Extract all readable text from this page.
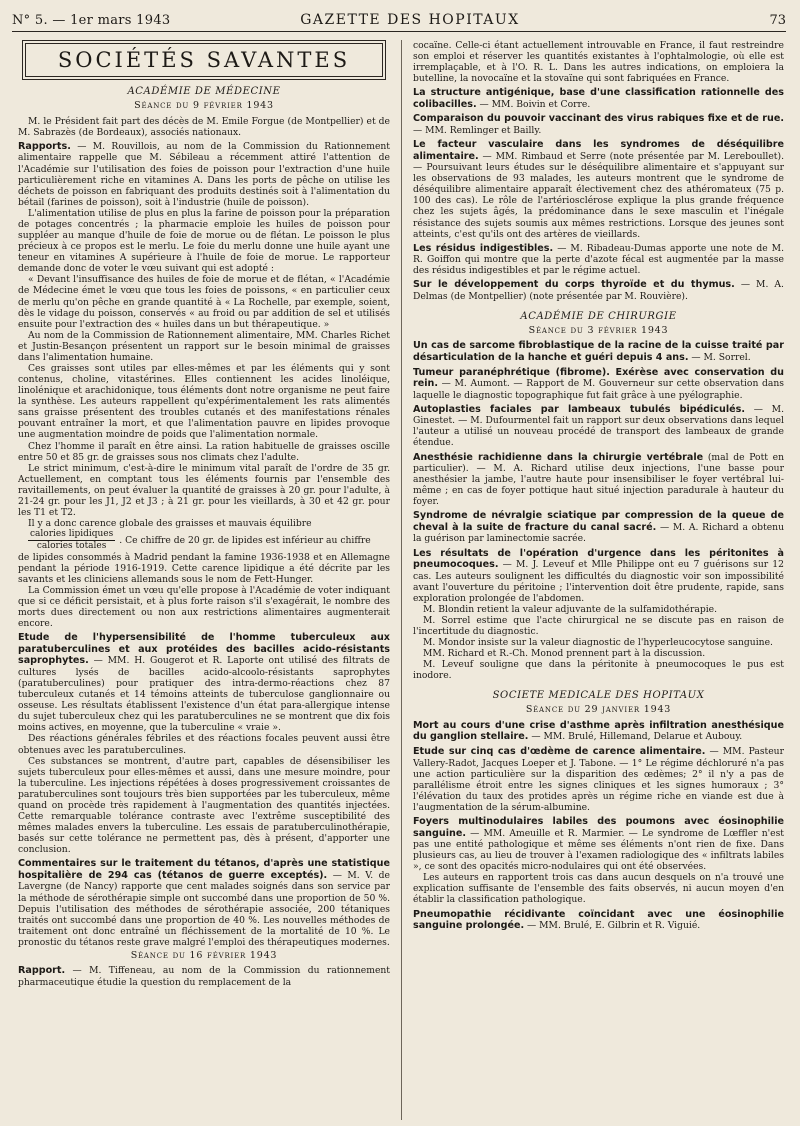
N° 5. — 1er mars 1943	GAZETTE DES HOPITAUX	73
SOCIÉTÉS SAVANTES
ACADÉMIE DE MÉDECINE
Séance du 9 février 1943

M. le Président fait part des décès de M. Emile Forgue (de Montpellier) et de M. Sabrazès (de Bordeaux), associés nationaux.

Rapports. — M. Rouvillois, au nom de la Commission du Rationnement alimentaire rappelle que M. Sébileau a récemment attiré l'attention de l'Académie sur l'utilisation des foies de poisson pour l'extraction d'une huile particulièrement riche en vitamines A. Dans les ports de pêche on utilise les déchets de poisson en fabriquant des produits destinés soit à l'alimentation du bétail (farines de poisson), soit à l'industrie (huile de poisson).

L'alimentation utilise de plus en plus la farine de poisson pour la préparation de potages concentrés ; la pharmacie emploie les huiles de poisson pour suppléer au manque d'huile de foie de morue ou de flétan. Le poisson le plus précieux à ce propos est le merlu. Le foie du merlu donne une huile ayant une teneur en vitamines A supérieure à l'huile de foie de morue. Le rapporteur demande donc de voter le vœu suivant qui est adopté :

« Devant l'insuffisance des huiles de foie de morue et de flétan, « l'Académie de Médecine émet le vœu que tous les foies de poissons, « en particulier ceux de merlu qu'on pêche en grande quantité à « La Rochelle, par exemple, soient, dès le vidage du poisson, conservés « au froid ou par addition de sel et utilisés ensuite pour l'extraction des « huiles dans un but thérapeutique. »

Au nom de la Commission de Rationnement alimentaire, MM. Charles Richet et Justin-Besançon présentent un rapport sur le besoin minimal de graisses dans l'alimentation humaine.

Ces graisses sont utiles par elles-mêmes et par les éléments qui y sont contenus, choline, vitastérines. Elles contiennent les acides linoléique, linolénique et arachidonique, tous éléments dont notre organisme ne peut faire la synthèse. Les auteurs rappellent qu'expérimentalement les rats alimentés sans graisse présentent des troubles cutanés et des manifestations rénales pouvant entraîner la mort, et que l'alimentation pauvre en lipides provoque une augmentation moindre de poids que l'alimentation normale.

Chez l'homme il paraît en être ainsi. La ration habituelle de graisses oscille entre 50 et 85 gr. de graisses sous nos climats chez l'adulte.

Le strict minimum, c'est-à-dire le minimum vital paraît de l'ordre de 35 gr. Actuellement, en comptant tous les éléments fournis par l'ensemble des ravitaillements, on peut évaluer la quantité de graisses à 20 gr. pour l'adulte, à 21-24 gr. pour les J1, J2 et J3 ; à 21 gr. pour les vieillards, à 30 et 42 gr. pour les T1 et T2.

Il y a donc carence globale des graisses et mauvais équilibre

calories lipidiques
calories totales
. Ce chiffre de 20 gr. de lipides est inférieur au chiffre

de lipides consommés à Madrid pendant la famine 1936-1938 et en Allemagne pendant la période 1916-1919. Cette carence lipidique a été décrite par les savants et les cliniciens allemands sous le nom de Fett-Hunger.

La Commission émet un vœu qu'elle propose à l'Académie de voter indiquant que si ce déficit persistait, et à plus forte raison s'il s'exagérait, le nombre des morts dues directement ou non aux restrictions alimentaires augmenterait encore.

Etude de l'hypersensibilité de l'homme tuberculeux aux paratuberculines et aux protéides des bacilles acido-résistants saprophytes. — MM. H. Gougerot et R. Laporte ont utilisé des filtrats de cultures lysés de bacilles acido-alcoolo-résistants saprophytes (paratuberculines) pour pratiquer des intra-dermo-réactions chez 87 tuberculeux cutanés et 14 témoins atteints de tuberculose ganglionnaire ou osseuse. Les résultats établissent l'existence d'un état para-allergique intense du sujet tuberculeux chez qui les paratuberculines ne se montrent que dix fois moins actives, en moyenne, que la tuberculine « vraie ».

Des réactions générales fébriles et des réactions focales peuvent aussi être obtenues avec les paratuberculines.

Ces substances se montrent, d'autre part, capables de désensibiliser les sujets tuberculeux pour elles-mêmes et aussi, dans une mesure moindre, pour la tuberculine. Les injections répétées à doses progressivement croissantes de paratuberculines sont toujours très bien supportées par les tuberculeux, même quand on procède très rapidement à l'augmentation des quantités injectées. Cette remarquable tolérance contraste avec l'extrême susceptibilité des mêmes malades envers la tuberculine. Les essais de paratuberculinothérapie, basés sur cette tolérance ne permettent pas, dès à présent, d'apporter une conclusion.

Commentaires sur le traitement du tétanos, d'après une statistique hospitalière de 294 cas (tétanos de guerre exceptés). — M. V. de Lavergne (de Nancy) rapporte que cent malades soignés dans son service par la méthode de sérothérapie simple ont succombé dans une proportion de 50 %. Depuis l'utilisation des méthodes de sérothérapie associée, 200 tétaniques traités ont succombé dans une proportion de 40 %. Les nouvelles méthodes de traitement ont donc entraîné un fléchissement de la mortalité de 10 %. Le pronostic du tétanos reste grave malgré l'emploi des thérapeutiques modernes.

Séance du 16 février 1943

Rapport. — M. Tiffeneau, au nom de la Commission du rationnement pharmaceutique étudie la question du remplacement de la

cocaïne. Celle-ci étant actuellement introuvable en France, il faut restreindre son emploi et réserver les quantités existantes à l'ophtalmologie, où elle est irremplaçable, et à l'O. R. L. Dans les autres indications, on emploiera la butelline, la novocaïne et la stovaïne qui sont fabriquées en France.

La structure antigénique, base d'une classification rationnelle des colibacilles. — MM. Boivin et Corre.

Comparaison du pouvoir vaccinant des virus rabiques fixe et de rue. — MM. Remlinger et Bailly.

Le facteur vasculaire dans les syndromes de déséquilibre alimentaire. — MM. Rimbaud et Serre (note présentée par M. Lereboullet). — Poursuivant leurs études sur le déséquilibre alimentaire et s'appuyant sur les observations de 93 malades, les auteurs montrent que le syndrome de déséquilibre alimentaire apparaît électivement chez des athéromateux (75 p. 100 des cas). Le rôle de l'artériosclérose explique la plus grande fréquence chez les sujets âgés, la prédominance dans le sexe masculin et l'inégale résistance des sujets soumis aux mêmes restrictions. Lorsque des jeunes sont atteints, c'est qu'ils ont des artères de vieillards.

Les résidus indigestibles. — M. Ribadeau-Dumas apporte une note de M. R. Goiffon qui montre que la perte d'azote fécal est augmentée par la masse des résidus indigestibles et par le régime actuel.

Sur le développement du corps thyroïde et du thymus. — M. A. Delmas (de Montpellier) (note présentée par M. Rouvière).

ACADÉMIE DE CHIRURGIE
Séance du 3 février 1943

Un cas de sarcome fibroblastique de la racine de la cuisse traité par désarticulation de la hanche et guéri depuis 4 ans. — M. Sorrel.

Tumeur paranéphrétique (fibrome). Exérèse avec conservation du rein. — M. Aumont. — Rapport de M. Gouverneur sur cette observation dans laquelle le diagnostic topographique fut fait grâce à une pyélographie.

Autoplasties faciales par lambeaux tubulés bipédiculés. — M. Ginestet. — M. Dufourmentel fait un rapport sur deux observations dans lequel l'auteur a utilisé un nouveau procédé de transport des lambeaux de grande étendue.

Anesthésie rachidienne dans la chirurgie vertébrale (mal de Pott en particulier). — M. A. Richard utilise deux injections, l'une basse pour anesthésier la jambe, l'autre haute pour insensibiliser le foyer vertébral lui-même ; en cas de foyer pottique haut situé injection paradurale à hauteur du foyer.

Syndrome de névralgie sciatique par compression de la queue de cheval à la suite de fracture du canal sacré. — M. A. Richard a obtenu la guérison par laminectomie sacrée.

Les résultats de l'opération d'urgence dans les péritonites à pneumocoques. — M. J. Leveuf et Mlle Philippe ont eu 7 guérisons sur 12 cas. Les auteurs soulignent les difficultés du diagnostic voir son impossibilité avant l'ouverture du péritoine ; l'intervention doit être prudente, rapide, sans exploration prolongée de l'abdomen.

M. Blondin retient la valeur adjuvante de la sulfamidothérapie.

M. Sorrel estime que l'acte chirurgical ne se discute pas en raison de l'incertitude du diagnostic.

M. Mondor insiste sur la valeur diagnostic de l'hyperleucocytose sanguine.

MM. Richard et R.-Ch. Monod prennent part à la discussion.

M. Leveuf souligne que dans la péritonite à pneumocoques le pus est inodore.

SOCIETE MEDICALE DES HOPITAUX
Séance du 29 janvier 1943

Mort au cours d'une crise d'asthme après infiltration anesthésique du ganglion stellaire. — MM. Brulé, Hillemand, Delarue et Aubouy.

Etude sur cinq cas d'œdème de carence alimentaire. — MM. Pasteur Vallery-Radot, Jacques Loeper et J. Tabone. — 1° Le régime déchloruré n'a pas une action particulière sur la disparition des œdèmes; 2° il n'y a pas de parallélisme étroit entre les signes cliniques et les signes humoraux ; 3° l'élévation du taux des protides après un régime riche en viande est due à l'augmentation de la sérum-albumine.

Foyers multinodulaires labiles des poumons avec éosinophilie sanguine. — MM. Ameuille et R. Marmier. — Le syndrome de Lœffler n'est pas une entité pathologique et même ses éléments n'ont rien de fixe. Dans plusieurs cas, au lieu de trouver à l'examen radiologique des « infiltrats labiles », ce sont des opacités micro-nodulaires qui ont été observées.

Les auteurs en rapportent trois cas dans aucun desquels on n'a trouvé une explication suffisante de l'ensemble des faits observés, ni aucun moyen d'en établir la classification pathologique.

Pneumopathie récidivante coïncidant avec une éosinophilie sanguine prolongée. — MM. Brulé, E. Gilbrin et R. Viguié.
